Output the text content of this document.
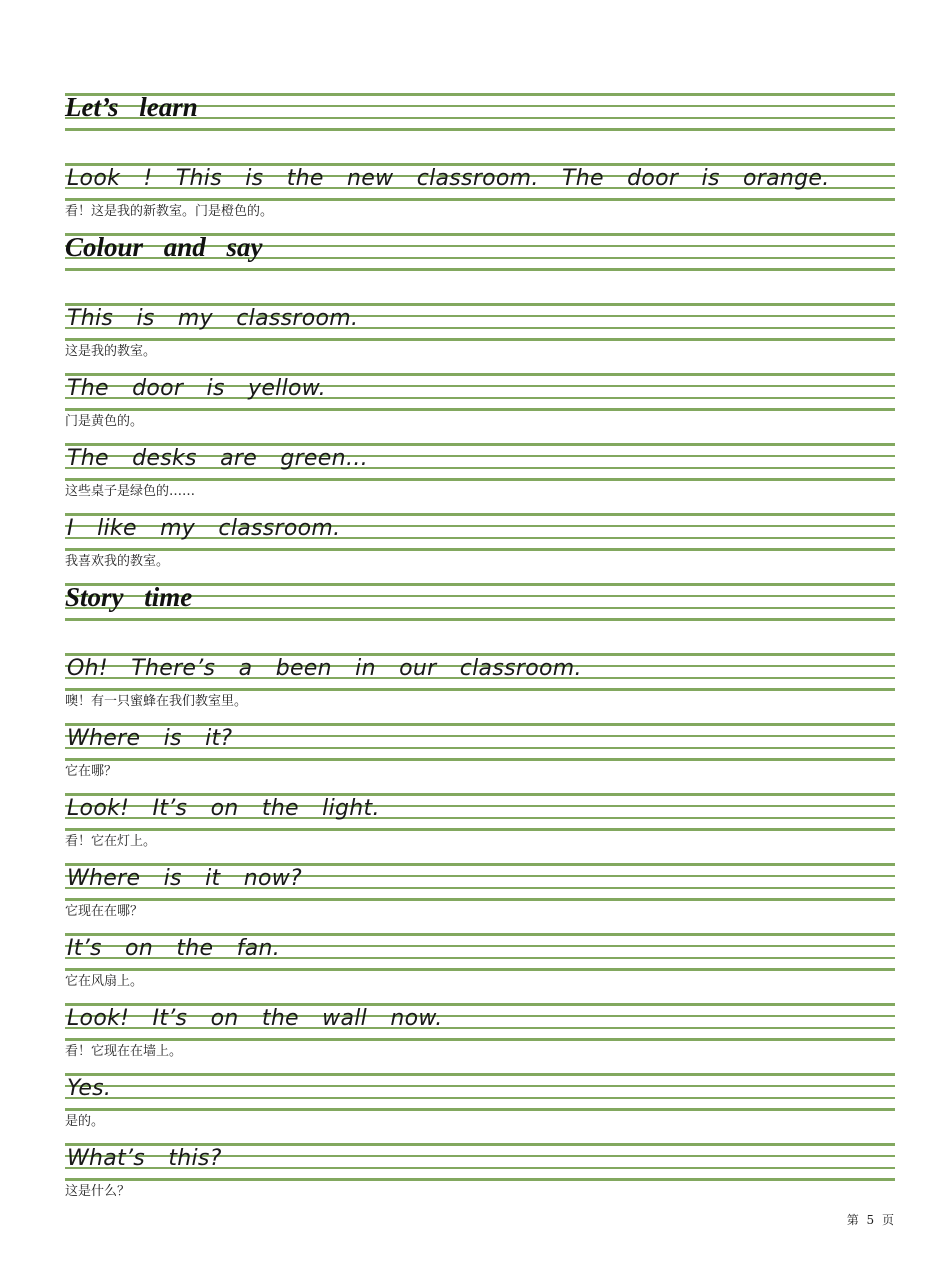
Let’s learn
Look ! This is the new classroom. The door is orange.
看！这是我的新教室。门是橙色的。
Colour and say
This is my classroom.
这是我的教室。
The door is yellow.
门是黄色的。
The desks are green…
这些桌子是绿色的……
I like my classroom.
我喜欢我的教室。
Story time
Oh! There’s a been in our classroom.
噢！有一只蜜蜂在我们教室里。
Where is it?
它在哪？
Look! It’s on the light.
看！它在灯上。
Where is it now?
它现在在哪？
It’s on the fan.
它在风扇上。
Look! It’s on the wall now.
看！它现在在墙上。
Yes.
是的。
What’s this?
这是什么？
第 5 页
